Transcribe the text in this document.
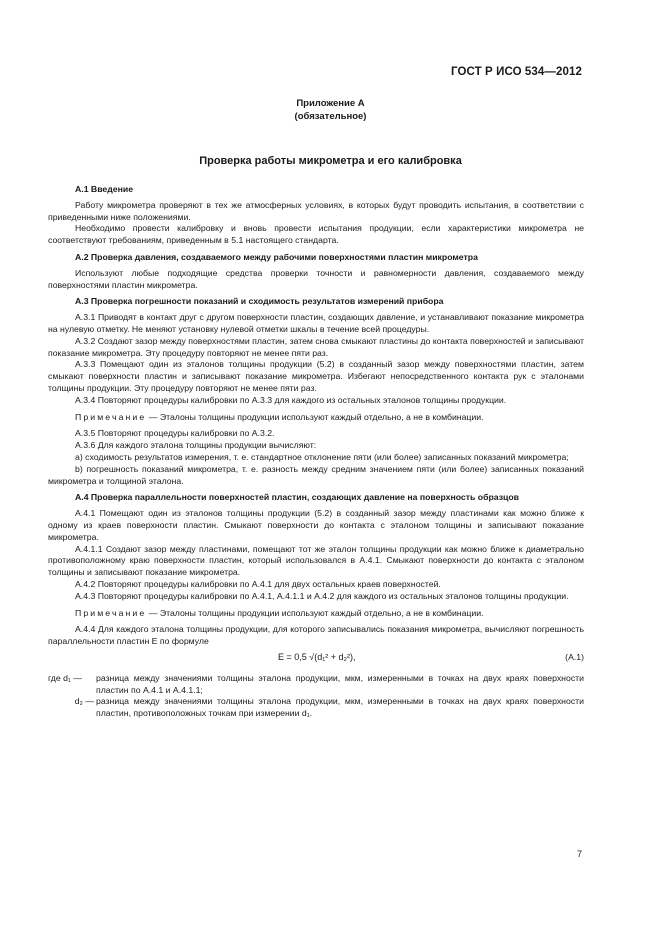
ГОСТ Р ИСО 534—2012
Приложение А
(обязательное)
Проверка работы микрометра и его калибровка

А.1 Введение

Работу микрометра проверяют в тех же атмосферных условиях, в которых будут проводить испытания, в соответствии с приведенными ниже положениями.

Необходимо провести калибровку и вновь провести испытания продукции, если характеристики микрометра не соответствуют требованиям, приведенным в 5.1 настоящего стандарта.

А.2 Проверка давления, создаваемого между рабочими поверхностями пластин микрометра

Используют любые подходящие средства проверки точности и равномерности давления, создаваемого между поверхностями пластин микрометра.

А.3 Проверка погрешности показаний и сходимость результатов измерений прибора

А.3.1 Приводят в контакт друг с другом поверхности пластин, создающих давление, и устанавливают показание микрометра на нулевую отметку. Не меняют установку нулевой отметки шкалы в течение всей процедуры.

А.3.2 Создают зазор между поверхностями пластин, затем снова смыкают пластины до контакта поверхностей и записывают показание микрометра. Эту процедуру повторяют не менее пяти раз.

А.3.3 Помещают один из эталонов толщины продукции (5.2) в созданный зазор между поверхностями пластин, затем смыкают поверхности пластин и записывают показание микрометра. Избегают непосредственного контакта рук с эталонами толщины продукции. Эту процедуру повторяют не менее пяти раз.

А.3.4 Повторяют процедуры калибровки по А.3.3 для каждого из остальных эталонов толщины продукции.

Примечание — Эталоны толщины продукции используют каждый отдельно, а не в комбинации.

А.3.5 Повторяют процедуры калибровки по А.3.2.

А.3.6 Для каждого эталона толщины продукции вычисляют:

а) сходимость результатов измерения, т. е. стандартное отклонение пяти (или более) записанных показаний микрометра;

b) погрешность показаний микрометра, т. е. разность между средним значением пяти (или более) записанных показаний микрометра и толщиной эталона.

А.4 Проверка параллельности поверхностей пластин, создающих давление на поверхность образцов

А.4.1 Помещают один из эталонов толщины продукции (5.2) в созданный зазор между пластинами как можно ближе к одному из краев поверхности пластин. Смыкают поверхности до контакта с эталоном толщины и записывают показание микрометра.

А.4.1.1 Создают зазор между пластинами, помещают тот же эталон толщины продукции как можно ближе к диаметрально противоположному краю поверхности пластин, который использовался в А.4.1. Смыкают поверхности до контакта с эталоном толщины и записывают показание микрометра.

А.4.2 Повторяют процедуры калибровки по А.4.1 для двух остальных краев поверхностей.

А.4.3 Повторяют процедуры калибровки по А.4.1, А.4.1.1 и А.4.2 для каждого из остальных эталонов толщины продукции.

Примечание — Эталоны толщины продукции используют каждый отдельно, а не в комбинации.

А.4.4 Для каждого эталона толщины продукции, для которого записывались показания микрометра, вычисляют погрешность параллельности пластин E по формуле

E = 0,5 √(d₁² + d₂²),	(А.1)
где d₁ —	разница между значениями толщины эталона продукции, мкм, измеренными в точках на двух краях поверхности пластин по А.4.1 и А.4.1.1;
d₂ — разница между значениями толщины эталона продукции, мкм, измеренными в точках на двух краях поверхности пластин, противоположных точкам при измерении d₁.
7
